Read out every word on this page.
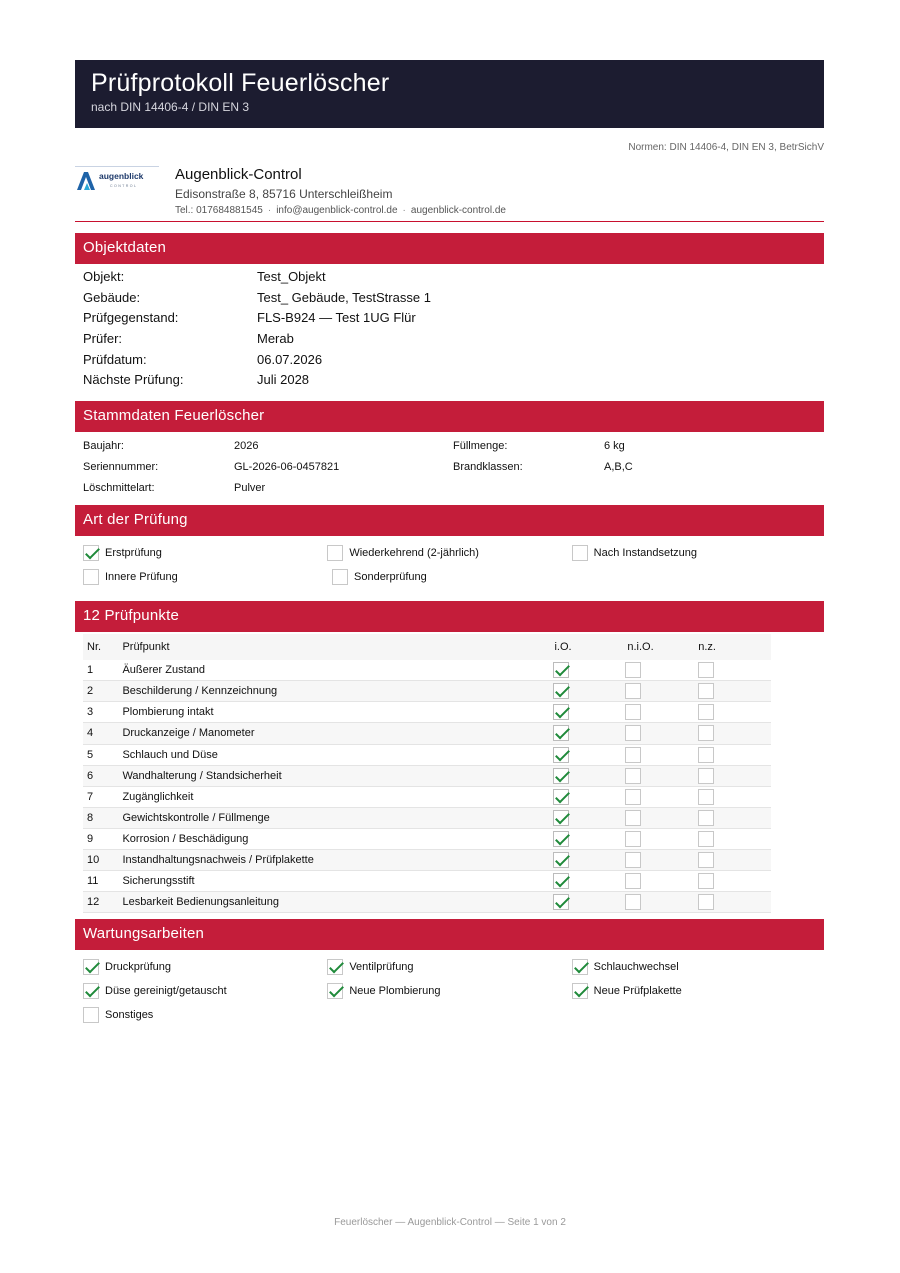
Prüfprotokoll Feuerlöscher
nach DIN 14406-4 / DIN EN 3
Normen: DIN 14406-4, DIN EN 3, BetrSichV
augenblick
CONTROL
Augenblick-Control
Edisonstraße 8, 85716 Unterschleißheim
Tel.: 017684881545 · info@augenblick-control.de · augenblick-control.de
Objektdaten
Objekt:	Test_Objekt
Gebäude:	Test_ Gebäude, TestStrasse 1
Prüfgegenstand:	FLS-B924 — Test 1UG Flür
Prüfer:	Merab
Prüfdatum:	06.07.2026
Nächste Prüfung:	Juli 2028
Stammdaten Feuerlöscher
Baujahr:	2026	Füllmenge:	6 kg
Seriennummer:	GL-2026-06-0457821	Brandklassen:	A,B,C
Löschmittelart:	Pulver
Art der Prüfung
Erstprüfung	Wiederkehrend (2-jährlich)	Nach Instandsetzung
Innere Prüfung	Sonderprüfung
12 Prüfpunkte
Nr.	Prüfpunkt	i.O.	n.i.O.	n.z.
1	Äußerer Zustand
2	Beschilderung / Kennzeichnung
3	Plombierung intakt
4	Druckanzeige / Manometer
5	Schlauch und Düse
6	Wandhalterung / Standsicherheit
7	Zugänglichkeit
8	Gewichtskontrolle / Füllmenge
9	Korrosion / Beschädigung
10	Instandhaltungsnachweis / Prüfplakette
11	Sicherungsstift
12	Lesbarkeit Bedienungsanleitung
Wartungsarbeiten
Druckprüfung	Ventilprüfung	Schlauchwechsel
Düse gereinigt/getauscht	Neue Plombierung	Neue Prüfplakette
Sonstiges
Feuerlöscher — Augenblick-Control — Seite 1 von 2
